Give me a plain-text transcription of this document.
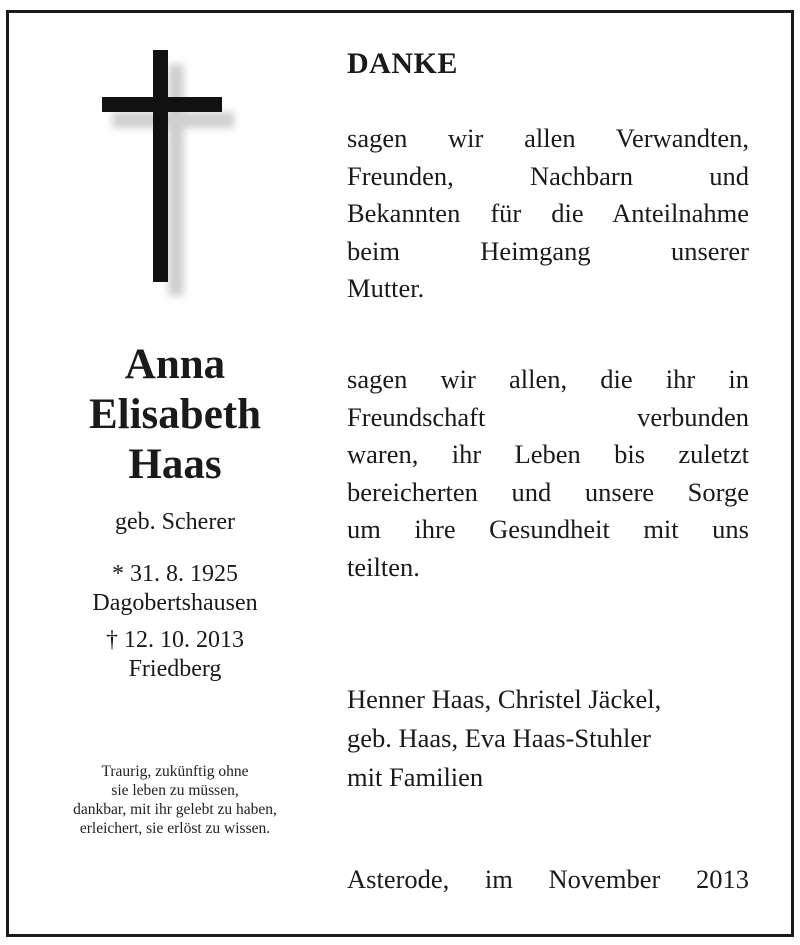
Anna
Elisabeth
Haas
geb. Scherer
* 31. 8. 1925
Dagobertshausen
† 12. 10. 2013
Friedberg
Traurig, zukünftig ohne
sie leben zu müssen,
dankbar, mit ihr gelebt zu haben,
erleichert, sie erlöst zu wissen.
DANKE
sagen wir allen Verwandten,
Freunden, Nachbarn und
Bekannten für die Anteilnahme
beim Heimgang unserer
Mutter.
sagen wir allen, die ihr in
Freundschaft verbunden
waren, ihr Leben bis zuletzt
bereicherten und unsere Sorge
um ihre Gesundheit mit uns
teilten.
Henner Haas, Christel Jäckel,
geb. Haas, Eva Haas-Stuhler
mit Familien
Asterode, im November 2013
